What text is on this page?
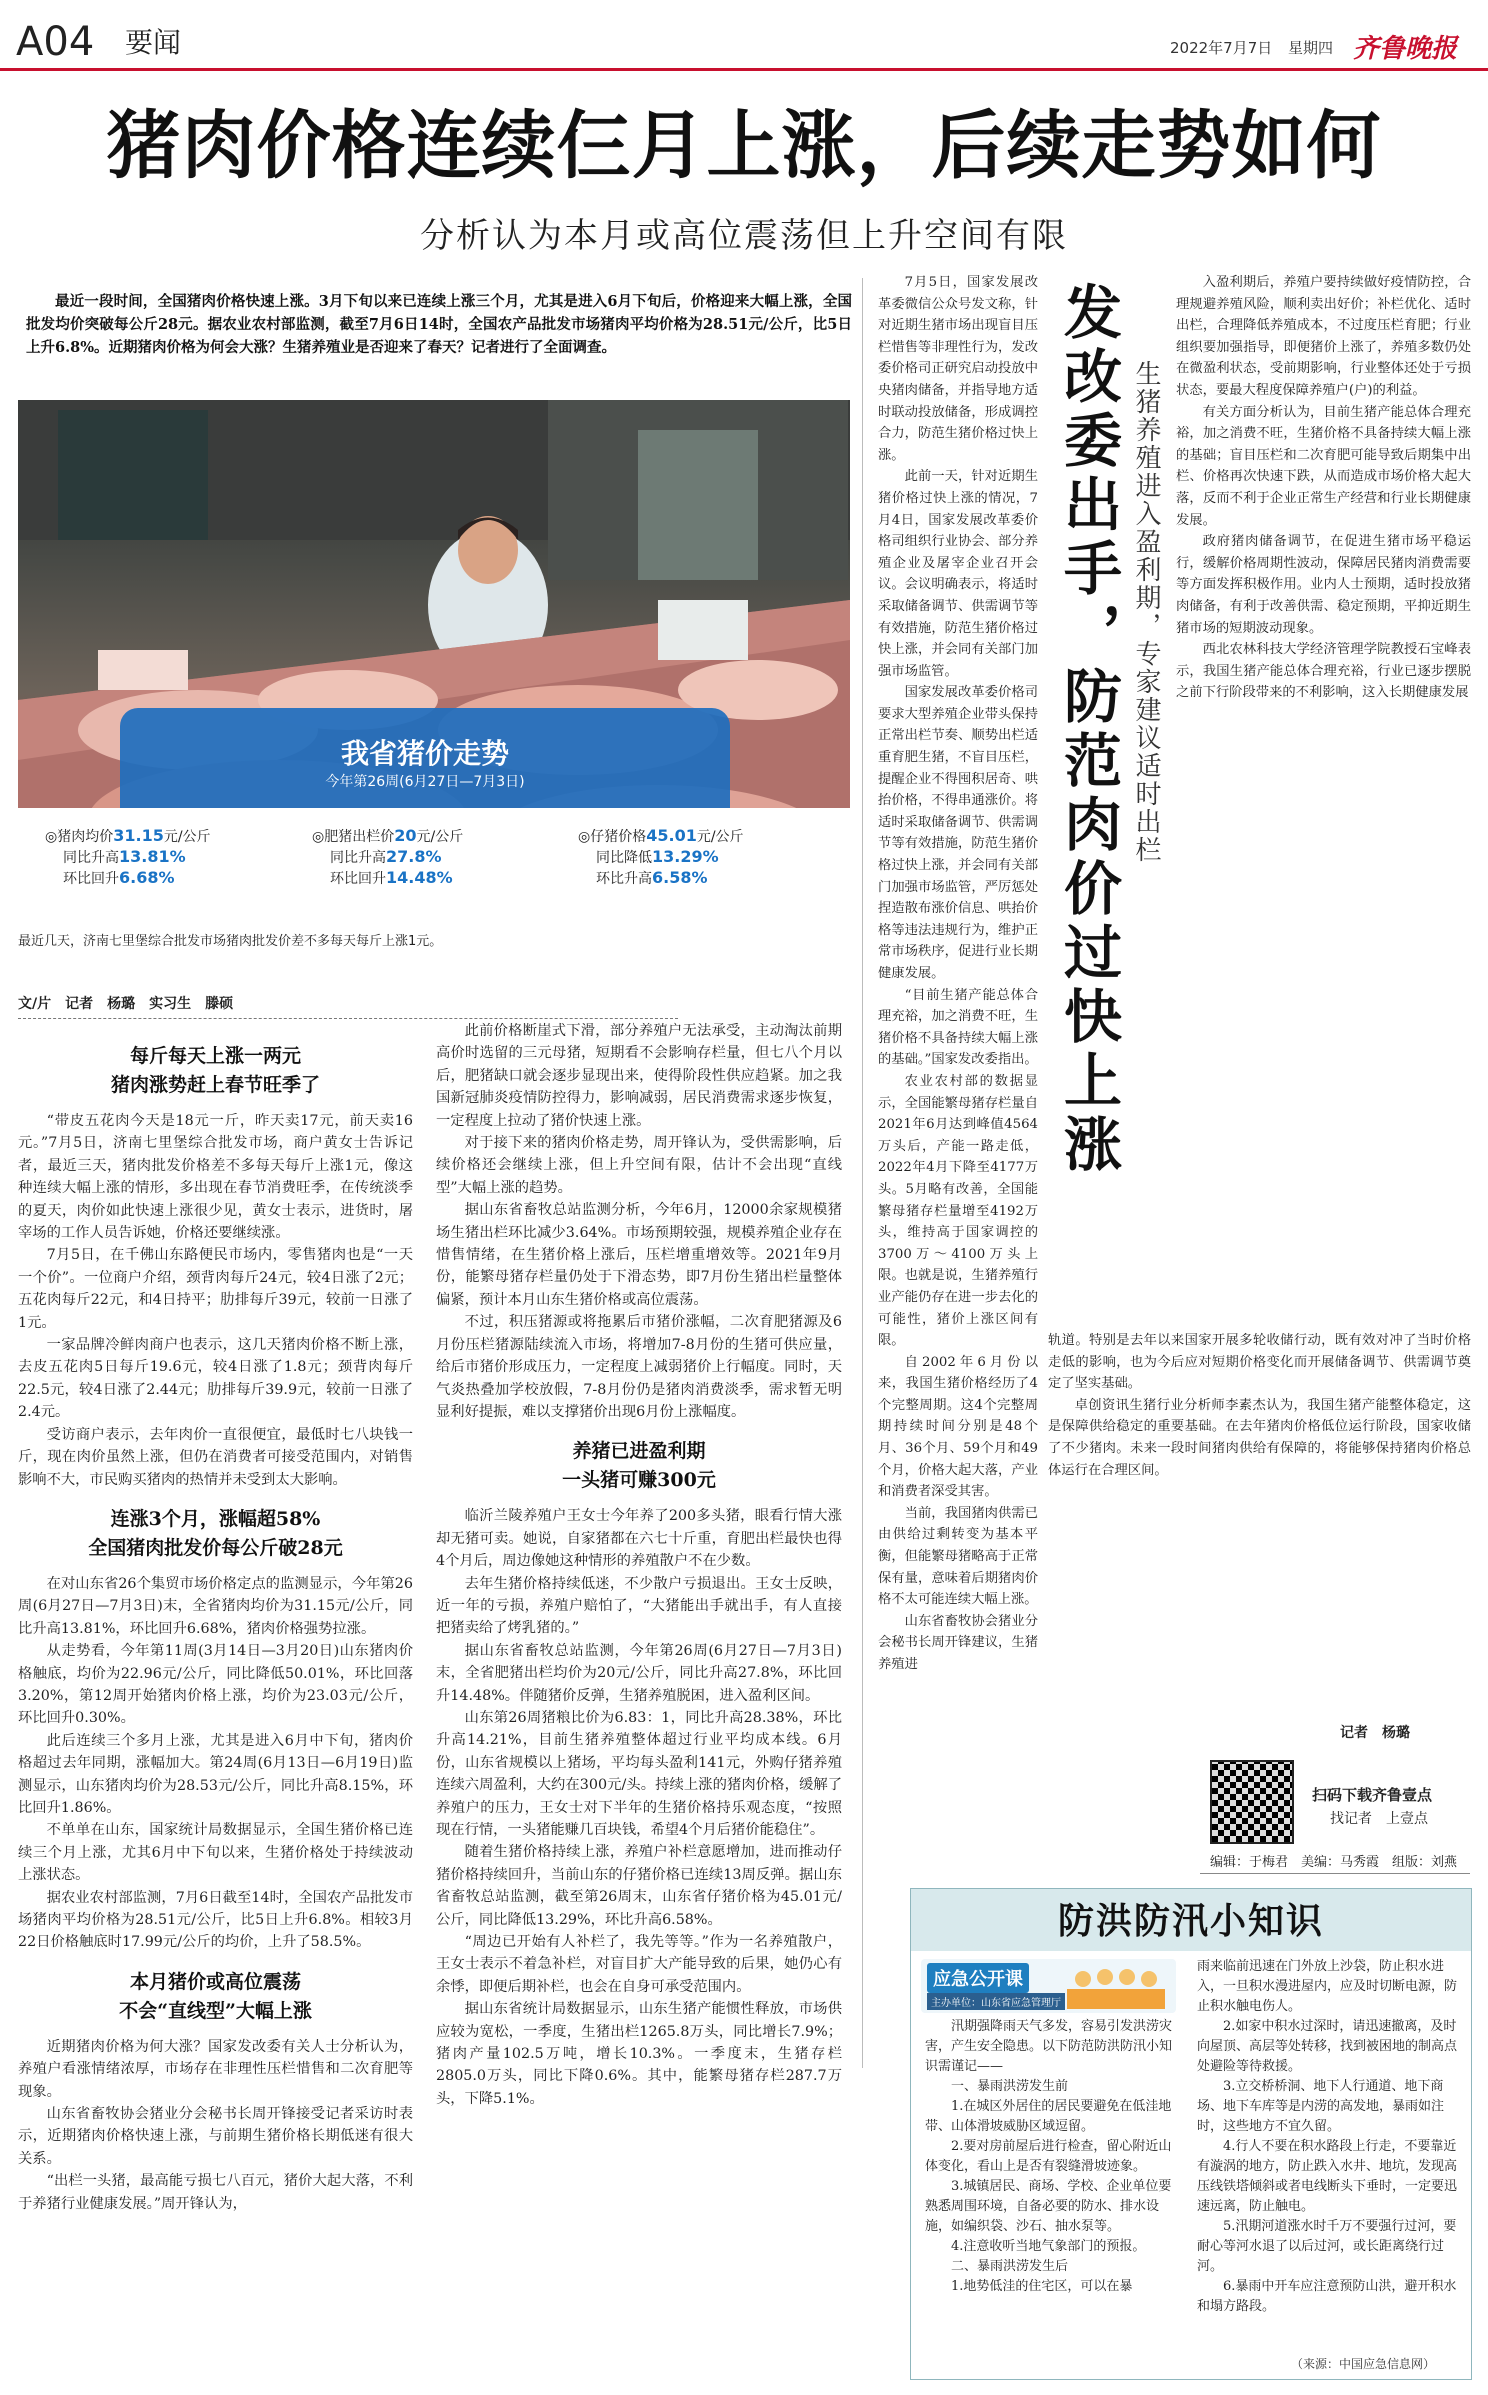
A04 要闻	2022年7月7日 星期四 齐鲁晚报
猪肉价格连续仨月上涨，后续走势如何
分析认为本月或高位震荡但上升空间有限
最近一段时间，全国猪肉价格快速上涨。3月下旬以来已连续上涨三个月，尤其是进入6月下旬后，价格迎来大幅上涨，全国批发均价突破每公斤28元。据农业农村部监测，截至7月6日14时，全国农产品批发市场猪肉平均价格为28.51元/公斤，比5日上升6.8%。近期猪肉价格为何会大涨？生猪养殖业是否迎来了春天？记者进行了全面调查。
我省猪价走势
今年第26周(6月27日—7月3日)
◎猪肉均价31.15元/公斤
同比升高13.81%
环比回升6.68%
◎肥猪出栏价20元/公斤
同比升高27.8%
环比回升14.48%
◎仔猪价格45.01元/公斤
同比降低13.29%
环比升高6.58%
最近几天，济南七里堡综合批发市场猪肉批发价差不多每天每斤上涨1元。
文/片　记者　杨璐　实习生　滕硕
每斤每天上涨一两元
猪肉涨势赶上春节旺季了

“带皮五花肉今天是18元一斤，昨天卖17元，前天卖16元。”7月5日，济南七里堡综合批发市场，商户黄女士告诉记者，最近三天，猪肉批发价格差不多每天每斤上涨1元，像这种连续大幅上涨的情形，多出现在春节消费旺季，在传统淡季的夏天，肉价如此快速上涨很少见，黄女士表示，进货时，屠宰场的工作人员告诉她，价格还要继续涨。

7月5日，在千佛山东路便民市场内，零售猪肉也是“一天一个价”。一位商户介绍，颈背肉每斤24元，较4日涨了2元；五花肉每斤22元，和4日持平；肋排每斤39元，较前一日涨了1元。

一家品牌冷鲜肉商户也表示，这几天猪肉价格不断上涨，去皮五花肉5日每斤19.6元，较4日涨了1.8元；颈背肉每斤22.5元，较4日涨了2.44元；肋排每斤39.9元，较前一日涨了2.4元。

受访商户表示，去年肉价一直很便宜，最低时七八块钱一斤，现在肉价虽然上涨，但仍在消费者可接受范围内，对销售影响不大，市民购买猪肉的热情并未受到太大影响。

连涨3个月，涨幅超58%
全国猪肉批发价每公斤破28元

在对山东省26个集贸市场价格定点的监测显示，今年第26周(6月27日—7月3日)末，全省猪肉均价为31.15元/公斤，同比升高13.81%，环比回升6.68%，猪肉价格强势拉涨。

从走势看，今年第11周(3月14日—3月20日)山东猪肉价格触底，均价为22.96元/公斤，同比降低50.01%，环比回落3.20%，第12周开始猪肉价格上涨，均价为23.03元/公斤，环比回升0.30%。

此后连续三个多月上涨，尤其是进入6月中下旬，猪肉价格超过去年同期，涨幅加大。第24周(6月13日—6月19日)监测显示，山东猪肉均价为28.53元/公斤，同比升高8.15%，环比回升1.86%。

不单单在山东，国家统计局数据显示，全国生猪价格已连续三个月上涨，尤其6月中下旬以来，生猪价格处于持续波动上涨状态。

据农业农村部监测，7月6日截至14时，全国农产品批发市场猪肉平均价格为28.51元/公斤，比5日上升6.8%。相较3月22日价格触底时17.99元/公斤的均价，上升了58.5%。

本月猪价或高位震荡
不会“直线型”大幅上涨

近期猪肉价格为何大涨？国家发改委有关人士分析认为，养殖户看涨情绪浓厚，市场存在非理性压栏惜售和二次育肥等现象。

山东省畜牧协会猪业分会秘书长周开锋接受记者采访时表示，近期猪肉价格快速上涨，与前期生猪价格长期低迷有很大关系。

“出栏一头猪，最高能亏损七八百元，猪价大起大落，不利于养猪行业健康发展。”周开锋认为，

此前价格断崖式下滑，部分养殖户无法承受，主动淘汰前期高价时选留的三元母猪，短期看不会影响存栏量，但七八个月以后，肥猪缺口就会逐步显现出来，使得阶段性供应趋紧。加之我国新冠肺炎疫情防控得力，影响减弱，居民消费需求逐步恢复，一定程度上拉动了猪价快速上涨。

对于接下来的猪肉价格走势，周开锋认为，受供需影响，后续价格还会继续上涨，但上升空间有限，估计不会出现“直线型”大幅上涨的趋势。

据山东省畜牧总站监测分析，今年6月，12000余家规模猪场生猪出栏环比减少3.64%。市场预期较强，规模养殖企业存在惜售情绪，在生猪价格上涨后，压栏增重增效等。2021年9月份，能繁母猪存栏量仍处于下滑态势，即7月份生猪出栏量整体偏紧，预计本月山东生猪价格或高位震荡。

不过，积压猪源或将拖累后市猪价涨幅，二次育肥猪源及6月份压栏猪源陆续流入市场，将增加7-8月份的生猪可供应量，给后市猪价形成压力，一定程度上减弱猪价上行幅度。同时，天气炎热叠加学校放假，7-8月份仍是猪肉消费淡季，需求暂无明显利好提振，难以支撑猪价出现6月份上涨幅度。

养猪已进盈利期
一头猪可赚300元

临沂兰陵养殖户王女士今年养了200多头猪，眼看行情大涨却无猪可卖。她说，自家猪都在六七十斤重，育肥出栏最快也得4个月后，周边像她这种情形的养殖散户不在少数。

去年生猪价格持续低迷，不少散户亏损退出。王女士反映，近一年的亏损，养殖户赔怕了，“大猪能出手就出手，有人直接把猪卖给了烤乳猪的。”

据山东省畜牧总站监测，今年第26周(6月27日—7月3日)末，全省肥猪出栏均价为20元/公斤，同比升高27.8%，环比回升14.48%。伴随猪价反弹，生猪养殖脱困，进入盈利区间。

山东第26周猪粮比价为6.83：1，同比升高28.38%，环比升高14.21%，目前生猪养殖整体超过行业平均成本线。6月份，山东省规模以上猪场，平均每头盈利141元，外购仔猪养殖连续六周盈利，大约在300元/头。持续上涨的猪肉价格，缓解了养殖户的压力，王女士对下半年的生猪价格持乐观态度，“按照现在行情，一头猪能赚几百块钱，希望4个月后猪价能稳住”。

随着生猪价格持续上涨，养殖户补栏意愿增加，进而推动仔猪价格持续回升，当前山东的仔猪价格已连续13周反弹。据山东省畜牧总站监测，截至第26周末，山东省仔猪价格为45.01元/公斤，同比降低13.29%，环比升高6.58%。

“周边已开始有人补栏了，我先等等。”作为一名养殖散户，王女士表示不着急补栏，对盲目扩大产能导致的后果，她仍心有余悸，即便后期补栏，也会在自身可承受范围内。

据山东省统计局数据显示，山东生猪产能惯性释放，市场供应较为宽松，一季度，生猪出栏1265.8万头，同比增长7.9%；猪肉产量102.5万吨，增长10.3%。一季度末，生猪存栏2805.0万头，同比下降0.6%。其中，能繁母猪存栏287.7万头，下降5.1%。

7月5日，国家发展改革委微信公众号发文称，针对近期生猪市场出现盲目压栏惜售等非理性行为，发改委价格司正研究启动投放中央猪肉储备，并指导地方适时联动投放储备，形成调控合力，防范生猪价格过快上涨。

此前一天，针对近期生猪价格过快上涨的情况，7月4日，国家发展改革委价格司组织行业协会、部分养殖企业及屠宰企业召开会议。会议明确表示，将适时采取储备调节、供需调节等有效措施，防范生猪价格过快上涨，并会同有关部门加强市场监管。

国家发展改革委价格司要求大型养殖企业带头保持正常出栏节奏、顺势出栏适重育肥生猪，不盲目压栏，提醒企业不得囤积居奇、哄抬价格，不得串通涨价。将适时采取储备调节、供需调节等有效措施，防范生猪价格过快上涨，并会同有关部门加强市场监管，严厉惩处捏造散布涨价信息、哄抬价格等违法违规行为，维护正常市场秩序，促进行业长期健康发展。

“目前生猪产能总体合理充裕，加之消费不旺，生猪价格不具备持续大幅上涨的基础。”国家发改委指出。

农业农村部的数据显示，全国能繁母猪存栏量自2021年6月达到峰值4564万头后，产能一路走低，2022年4月下降至4177万头。5月略有改善，全国能繁母猪存栏量增至4192万头，维持高于国家调控的3700万～4100万头上限。也就是说，生猪养殖行业产能仍存在进一步去化的可能性，猪价上涨区间有限。

自2002年6月份以来，我国生猪价格经历了4个完整周期。这4个完整周期持续时间分别是48个月、36个月、59个月和49个月，价格大起大落，产业和消费者深受其害。

当前，我国猪肉供需已由供给过剩转变为基本平衡，但能繁母猪略高于正常保有量，意味着后期猪肉价格不太可能连续大幅上涨。

山东省畜牧协会猪业分会秘书长周开锋建议，生猪养殖进

发改委出手，防范肉价过快上涨 生猪养殖进入盈利期，专家建议适时出栏

入盈利期后，养殖户要持续做好疫情防控，合理规避养殖风险，顺利卖出好价；补栏优化、适时出栏，合理降低养殖成本，不过度压栏育肥；行业组织要加强指导，即便猪价上涨了，养殖多数仍处在微盈利状态，受前期影响，行业整体还处于亏损状态，要最大程度保障养殖户(户)的利益。

有关方面分析认为，目前生猪产能总体合理充裕，加之消费不旺，生猪价格不具备持续大幅上涨的基础；盲目压栏和二次育肥可能导致后期集中出栏、价格再次快速下跌，从而造成市场价格大起大落，反而不利于企业正常生产经营和行业长期健康发展。

政府猪肉储备调节，在促进生猪市场平稳运行，缓解价格周期性波动，保障居民猪肉消费需要等方面发挥积极作用。业内人士预期，适时投放猪肉储备，有利于改善供需、稳定预期，平抑近期生猪市场的短期波动现象。

西北农林科技大学经济管理学院教授石宝峰表示，我国生猪产能总体合理充裕，行业已逐步摆脱之前下行阶段带来的不利影响，这入长期健康发展

轨道。特别是去年以来国家开展多轮收储行动，既有效对冲了当时价格走低的影响，也为今后应对短期价格变化而开展储备调节、供需调节奠定了坚实基础。

卓创资讯生猪行业分析师李素杰认为，我国生猪产能整体稳定，这是保障供给稳定的重要基础。在去年猪肉价格低位运行阶段，国家收储了不少猪肉。未来一段时间猪肉供给有保障的，将能够保持猪肉价格总体运行在合理区间。

记者　杨璐
扫码下载齐鲁壹点
找记者　上壹点
编辑：于梅君　美编：马秀霞　组版：刘燕
防洪防汛小知识
应急公开课
主办单位：山东省应急管理厅

汛期强降雨天气多发，容易引发洪涝灾害，产生安全隐患。以下防范防洪防汛小知识需谨记——

一、暴雨洪涝发生前

1.在城区外居住的居民要避免在低洼地带、山体滑坡威胁区域逗留。

2.要对房前屋后进行检查，留心附近山体变化，看山上是否有裂缝滑坡迹象。

3.城镇居民、商场、学校、企业单位要熟悉周围环境，自备必要的防水、排水设施，如编织袋、沙石、抽水泵等。

4.注意收听当地气象部门的预报。

二、暴雨洪涝发生后

1.地势低洼的住宅区，可以在暴

雨来临前迅速在门外放上沙袋，防止积水进入，一旦积水漫进屋内，应及时切断电源，防止积水触电伤人。

2.如家中积水过深时，请迅速撤离，及时向屋顶、高层等处转移，找到被困地的制高点处避险等待救援。

3.立交桥桥洞、地下人行通道、地下商场、地下车库等是内涝的高发地，暴雨如注时，这些地方不宜久留。

4.行人不要在积水路段上行走，不要靠近有漩涡的地方，防止跌入水井、地坑，发现高压线铁塔倾斜或者电线断头下垂时，一定要迅速远离，防止触电。

5.汛期河道涨水时千万不要强行过河，要耐心等河水退了以后过河，或长距离绕行过河。

6.暴雨中开车应注意预防山洪，避开积水和塌方路段。

（来源：中国应急信息网）
